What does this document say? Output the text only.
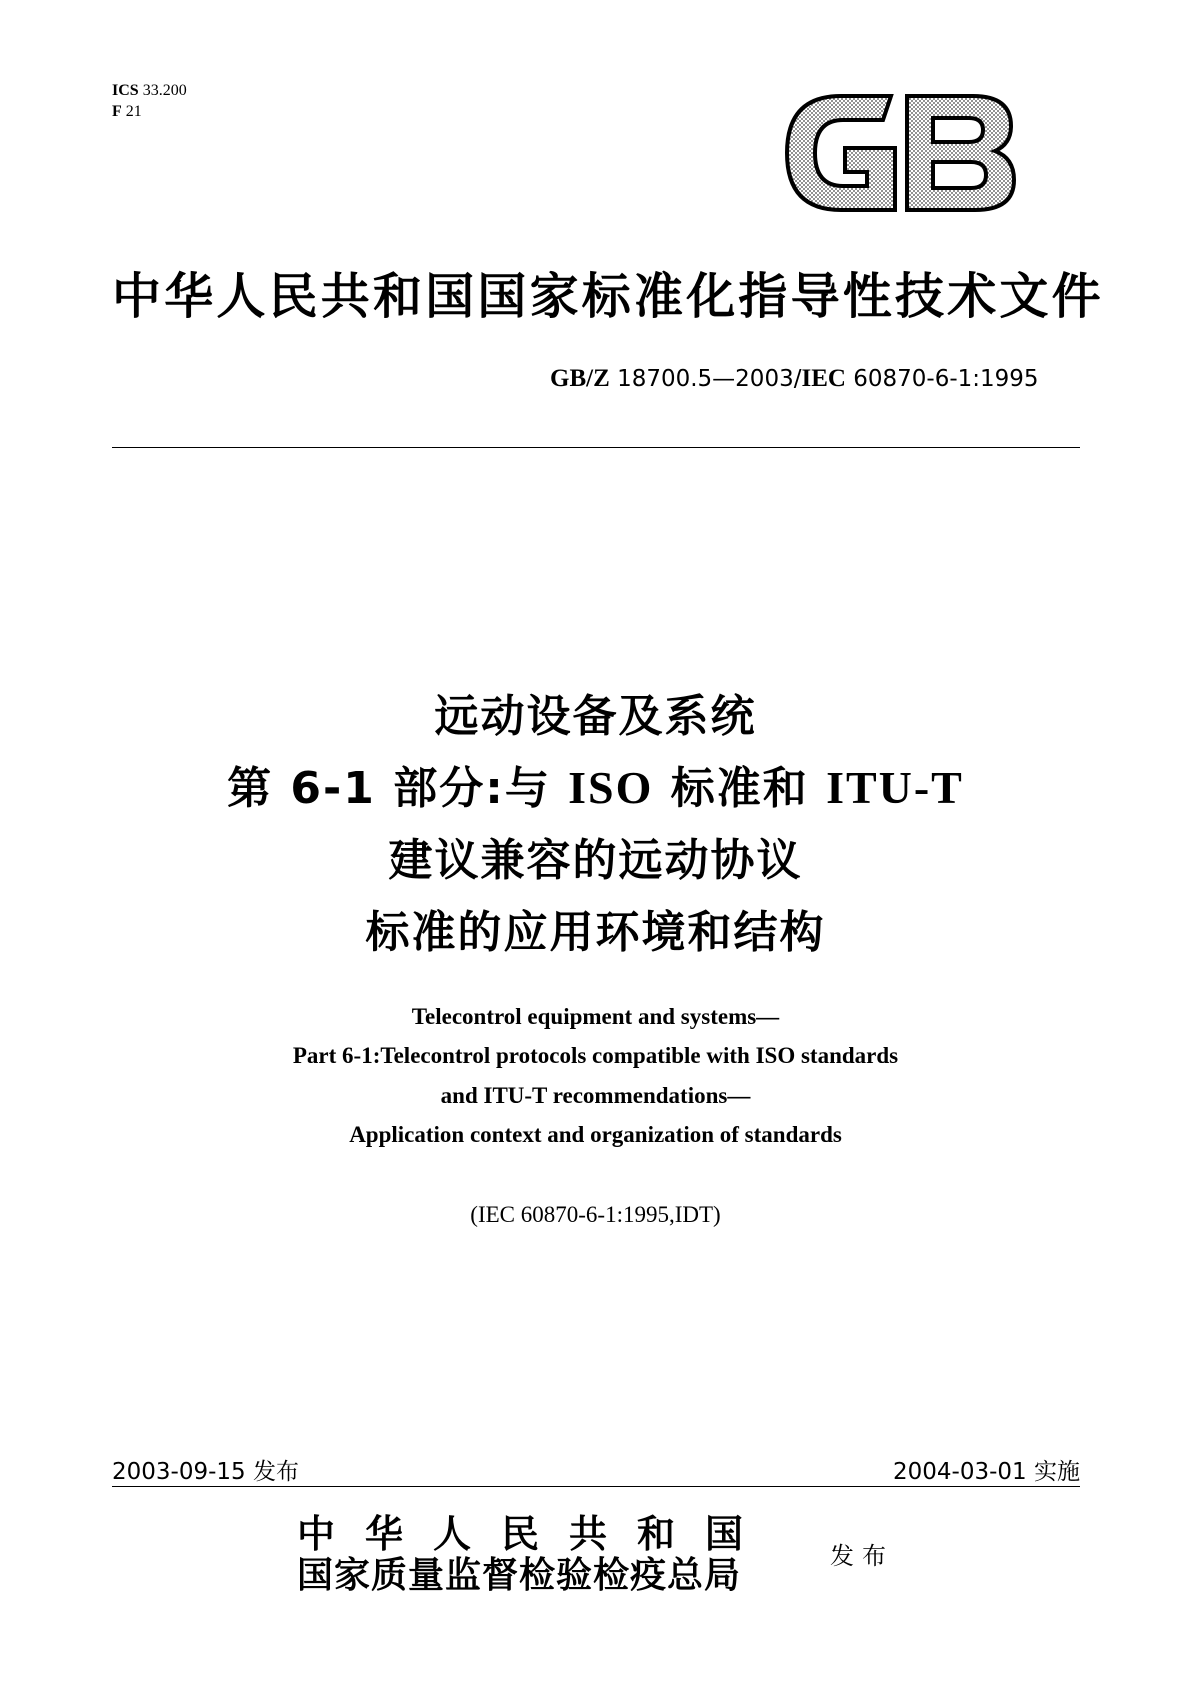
ICS 33.200
F 21
中华人民共和国国家标准化指导性技术文件
GB/Z 18700.5—2003/IEC 60870-6-1:1995
远动设备及系统
第 6-1 部分:与 ISO 标准和 ITU-T
建议兼容的远动协议
标准的应用环境和结构
Telecontrol equipment and systems—
Part 6-1:Telecontrol protocols compatible with ISO standards
and ITU-T recommendations—
Application context and organization of standards
(IEC 60870-6-1:1995,IDT)
2003-09-15 发布	2004-03-01 实施
中华人民共和国
国家质量监督检验检疫总局	发布
